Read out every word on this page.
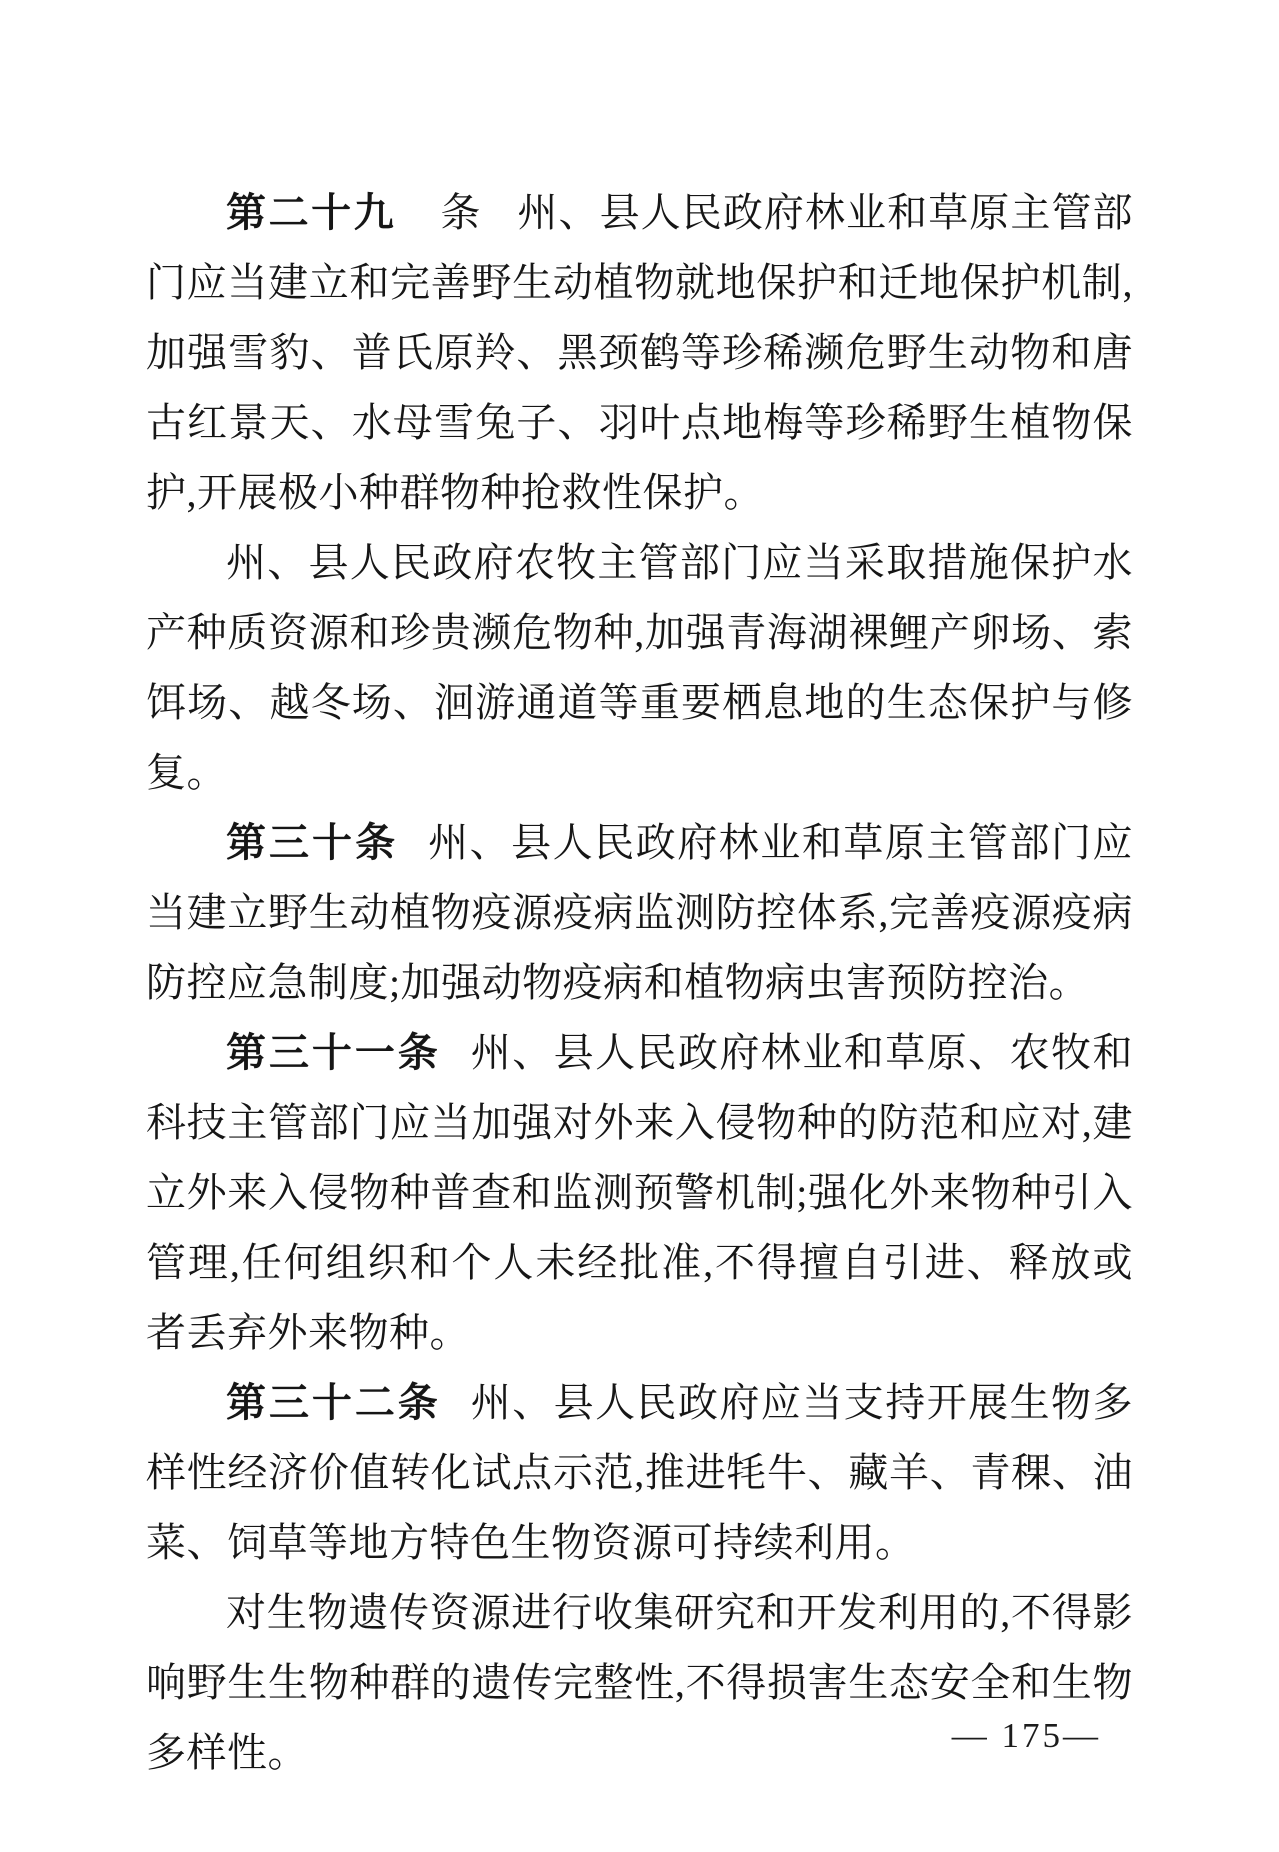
第二十九 条 州、县人民政府林业和草原主管部门应当建立和完善野生动植物就地保护和迁地保护机制,加强雪豹、普氏原羚、黑颈鹤等珍稀濒危野生动物和唐古红景天、水母雪兔子、羽叶点地梅等珍稀野生植物保护,开展极小种群物种抢救性保护。

州、县人民政府农牧主管部门应当采取措施保护水产种质资源和珍贵濒危物种,加强青海湖裸鲤产卵场、索饵场、越冬场、洄游通道等重要栖息地的生态保护与修复。

第三十条 州、县人民政府林业和草原主管部门应当建立野生动植物疫源疫病监测防控体系,完善疫源疫病防控应急制度;加强动物疫病和植物病虫害预防控治。

第三十一条 州、县人民政府林业和草原、农牧和科技主管部门应当加强对外来入侵物种的防范和应对,建立外来入侵物种普查和监测预警机制;强化外来物种引入管理,任何组织和个人未经批准,不得擅自引进、释放或者丢弃外来物种。

第三十二条 州、县人民政府应当支持开展生物多样性经济价值转化试点示范,推进牦牛、藏羊、青稞、油菜、饲草等地方特色生物资源可持续利用。

对生物遗传资源进行收集研究和开发利用的,不得影响野生生物种群的遗传完整性,不得损害生态安全和生物多样性。	— 175—
